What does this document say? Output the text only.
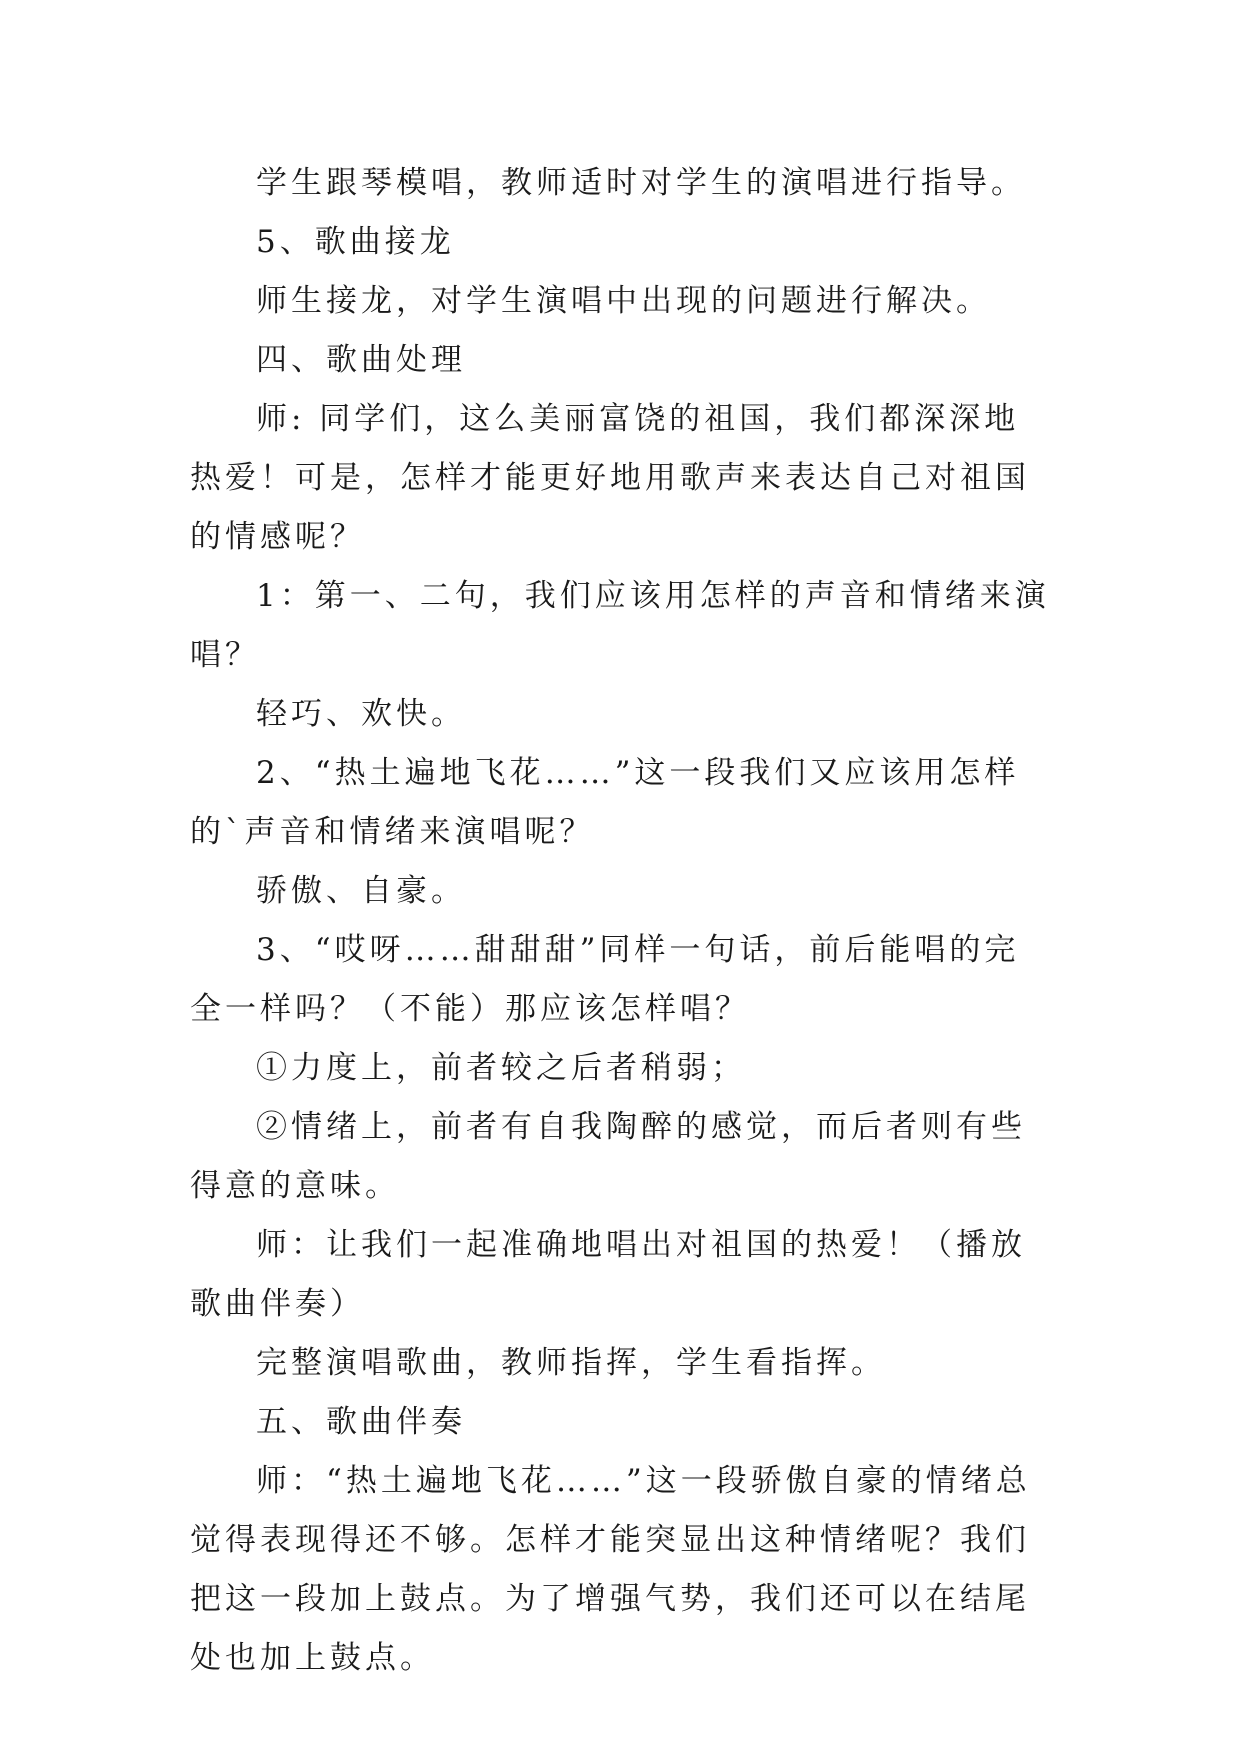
学生跟琴模唱，教师适时对学生的演唱进行指导。

5、歌曲接龙

师生接龙，对学生演唱中出现的问题进行解决。

四、歌曲处理

师: 同学们，这么美丽富饶的祖国，我们都深深地热爱！可是，怎样才能更好地用歌声来表达自己对祖国的情感呢？

1：第一、二句，我们应该用怎样的声音和情绪来演唱？

轻巧、欢快。

2、“热土遍地飞花……”这一段我们又应该用怎样的`声音和情绪来演唱呢？

骄傲、自豪。

3、“哎呀……甜甜甜”同样一句话，前后能唱的完全一样吗？（不能）那应该怎样唱？

①力度上，前者较之后者稍弱；

②情绪上，前者有自我陶醉的感觉，而后者则有些得意的意味。

师：让我们一起准确地唱出对祖国的热爱！（播放歌曲伴奏）

完整演唱歌曲，教师指挥，学生看指挥。

五、歌曲伴奏

师：“热土遍地飞花……”这一段骄傲自豪的情绪总觉得表现得还不够。怎样才能突显出这种情绪呢？我们把这一段加上鼓点。为了增强气势，我们还可以在结尾处也加上鼓点。
